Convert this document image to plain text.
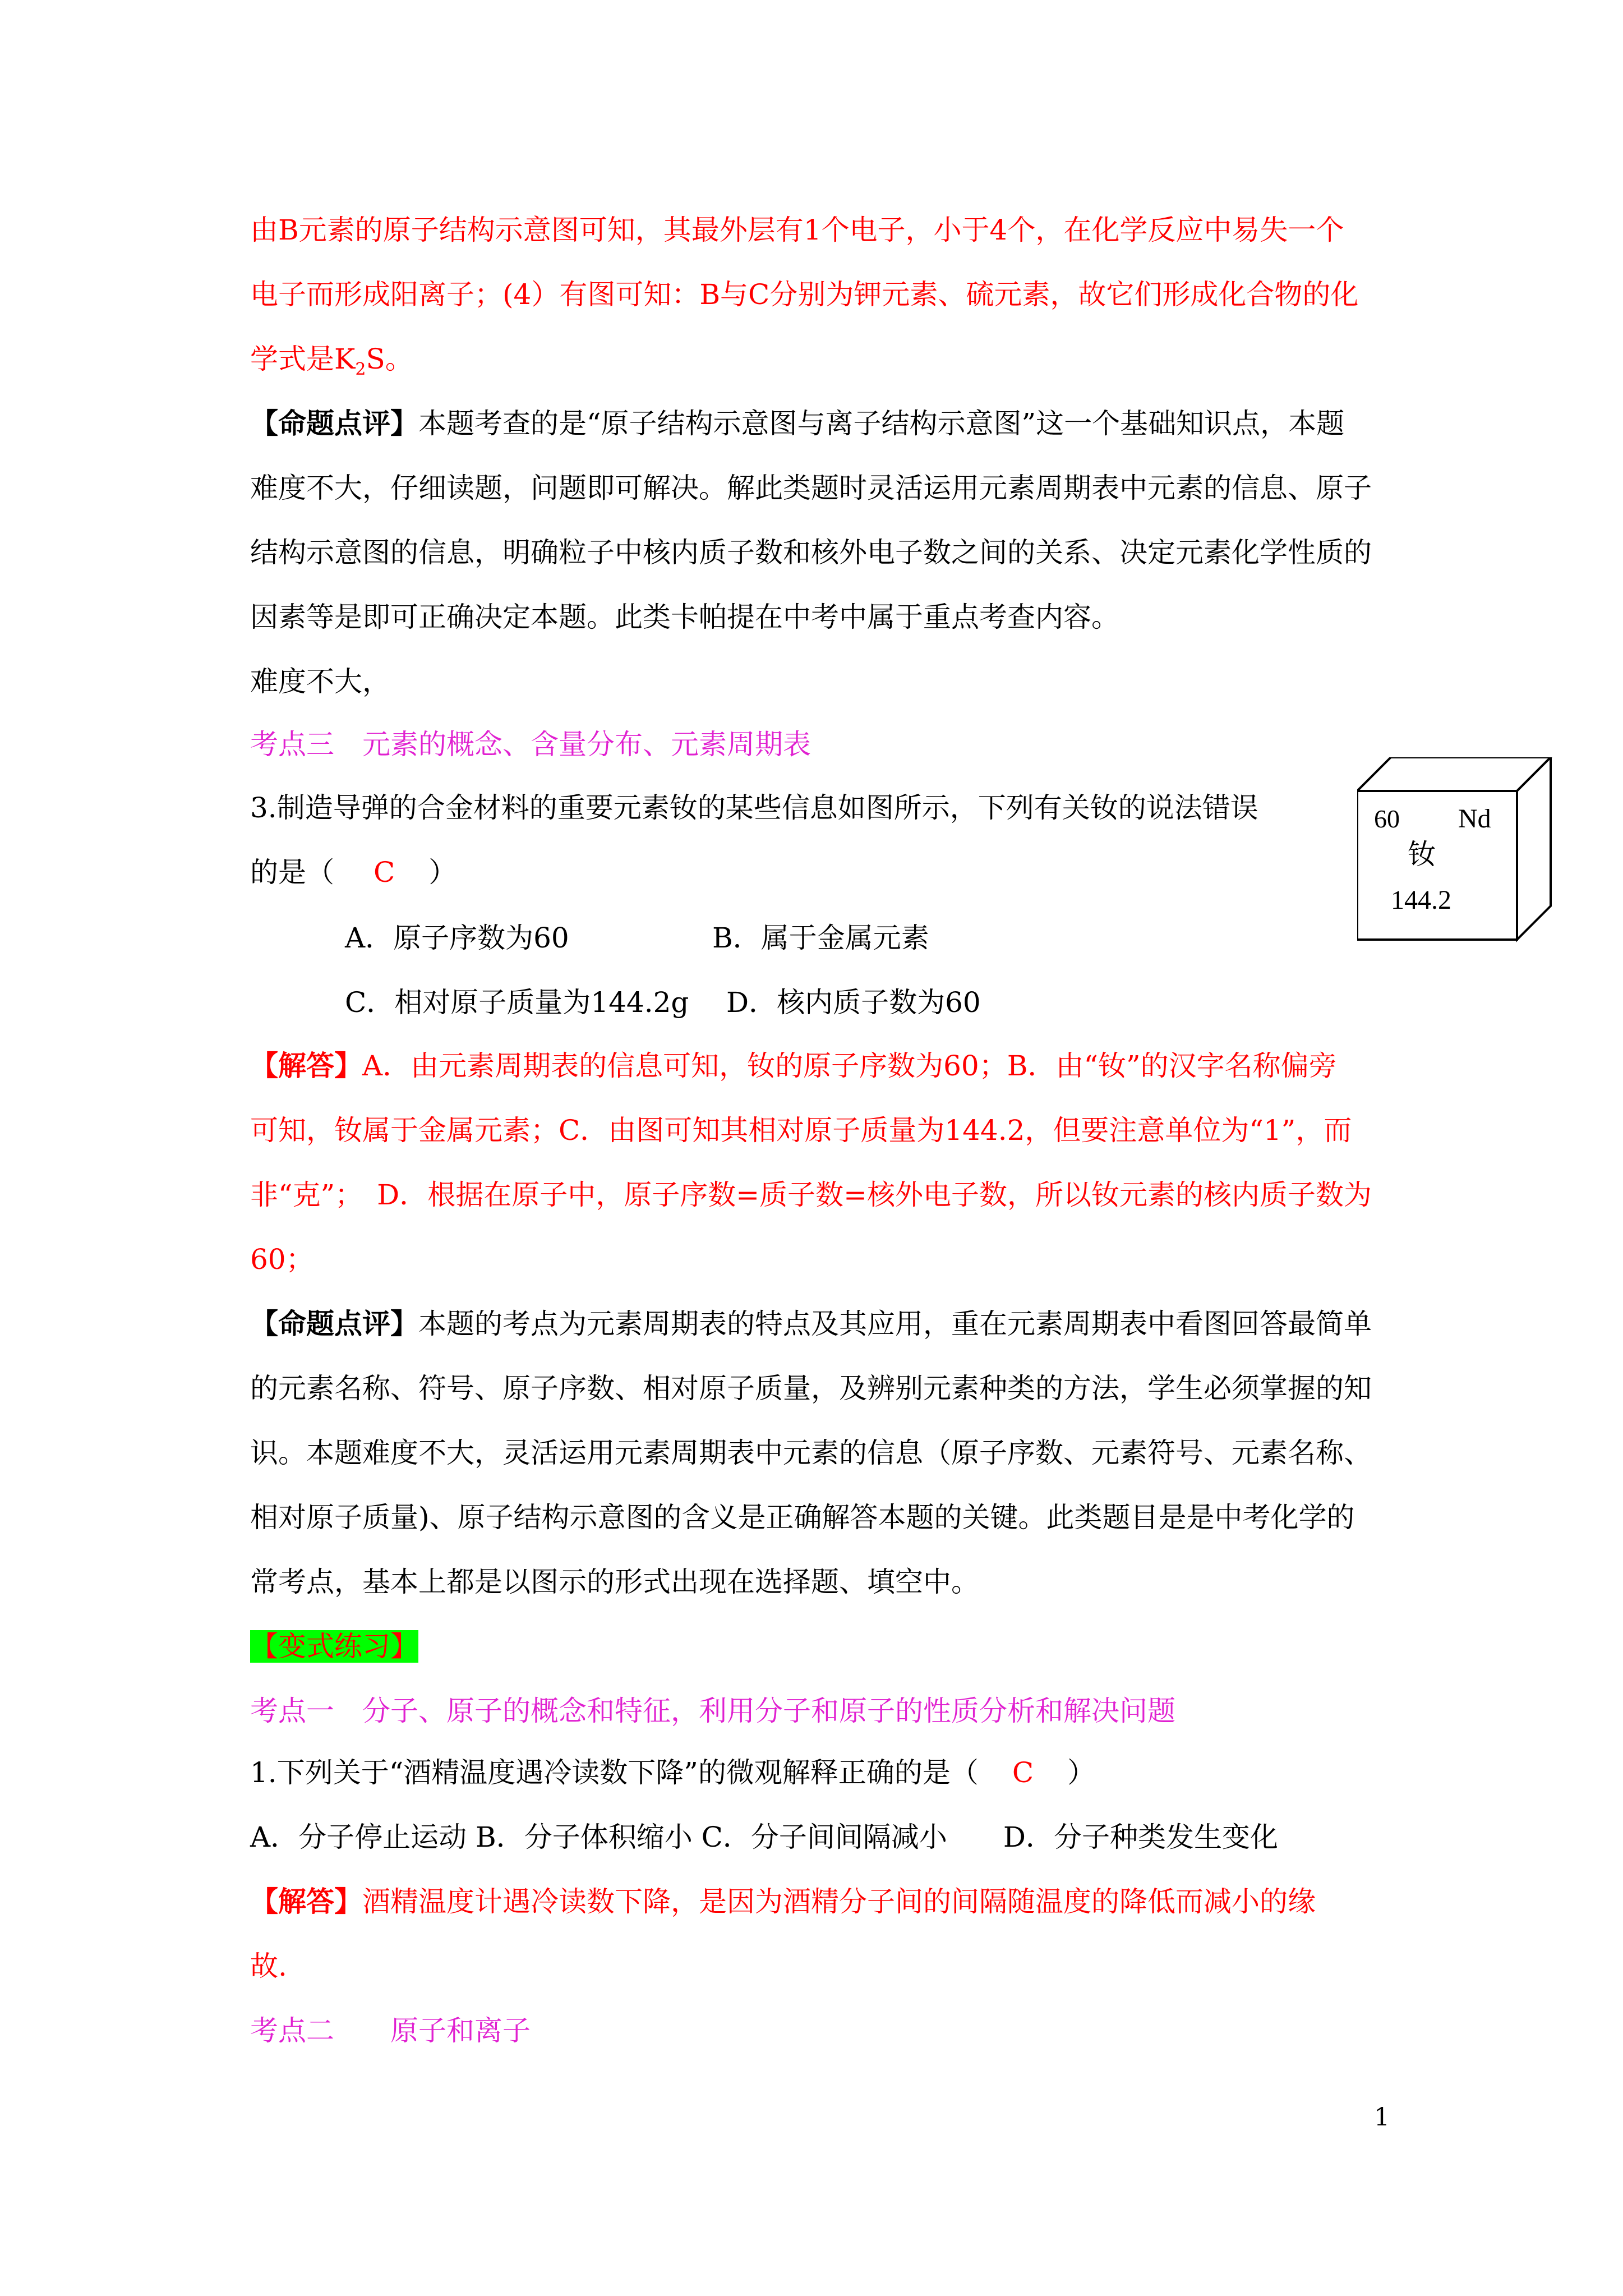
由B元素的原子结构示意图可知，其最外层有1个电子，小于4个，在化学反应中易失一个
电子而形成阳离子；(4）有图可知：B与C分别为钾元素、硫元素，故它们形成化合物的化
学式是$K_2S$。
【命题点评】本题考查的是“原子结构示意图与离子结构示意图”这一个基础知识点，本题
难度不大，仔细读题，问题即可解决。解此类题时灵活运用元素周期表中元素的信息、原子
结构示意图的信息，明确粒子中核内质子数和核外电子数之间的关系、决定元素化学性质的
因素等是即可正确决定本题。此类卡帕提在中考中属于重点考查内容。
难度不大，
考点三　元素的概念、含量分布、元素周期表
3.制造导弹的合金材料的重要元素钕的某些信息如图所示，下列有关钕的说法错误
的是（ C ）
A．原子序数为60	B．属于金属元素
C．相对原子质量为144.2g D．核内质子数为60
60 Nd
钕
144.2
【解答】A．由元素周期表的信息可知，钕的原子序数为60；B．由“钕”的汉字名称偏旁
可知，钕属于金属元素；C．由图可知其相对原子质量为144.2，但要注意单位为“1”，而
非“克”；　D．根据在原子中，原子序数=质子数=核外电子数，所以钕元素的核内质子数为
60；
【命题点评】本题的考点为元素周期表的特点及其应用，重在元素周期表中看图回答最简单
的元素名称、符号、原子序数、相对原子质量，及辨别元素种类的方法，学生必须掌握的知
识。本题难度不大，灵活运用元素周期表中元素的信息（原子序数、元素符号、元素名称、
相对原子质量)、原子结构示意图的含义是正确解答本题的关键。此类题目是是中考化学的
常考点，基本上都是以图示的形式出现在选择题、填空中。
【变式练习】
考点一　分子、原子的概念和特征，利用分子和原子的性质分析和解决问题
1.下列关于“酒精温度遇冷读数下降”的微观解释正确的是（ C ）
A．分子停止运动 B．分子体积缩小 C．分子间间隔减小　　D．分子种类发生变化
【解答】酒精温度计遇冷读数下降，是因为酒精分子间的间隔随温度的降低而减小的缘
故.
考点二　　原子和离子
1
